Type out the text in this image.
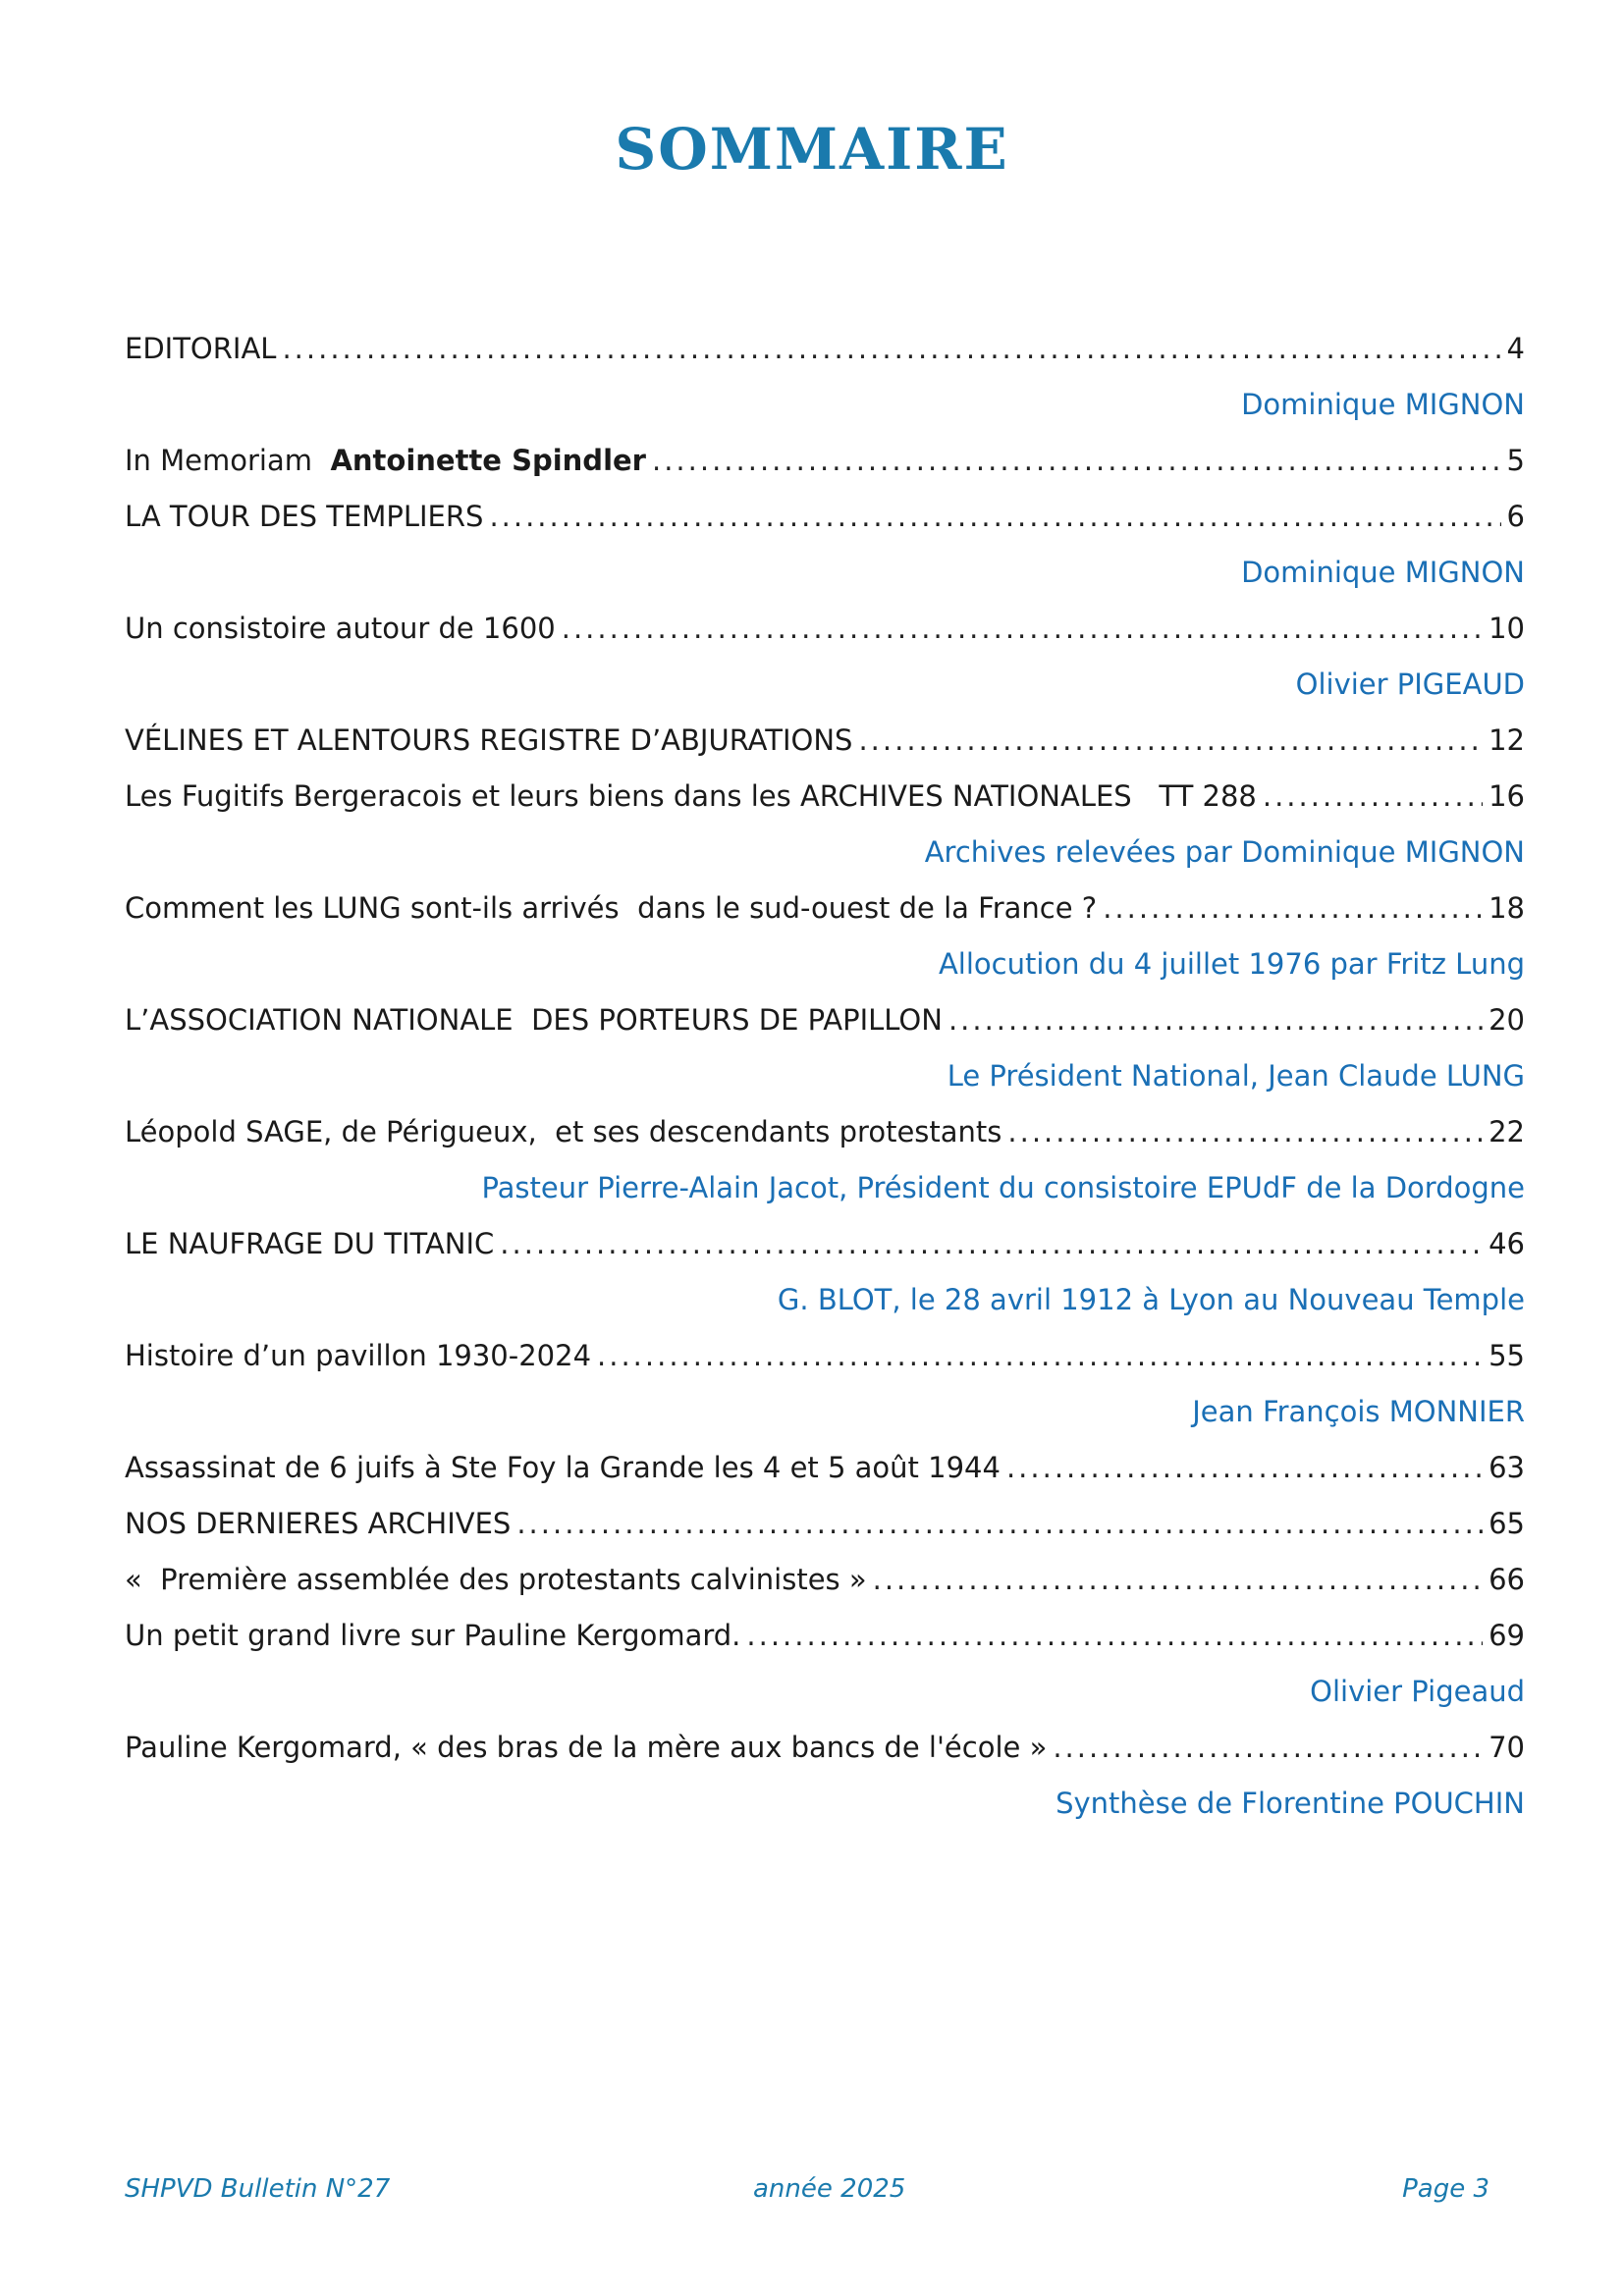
SOMMAIRE
EDITORIAL .....	4
Dominique MIGNON
In Memoriam Antoinette Spindler .....	5
LA TOUR DES TEMPLIERS .....	6
Dominique MIGNON
Un consistoire autour de 1600 .....	10
Olivier PIGEAUD
VÉLINES ET ALENTOURS REGISTRE D’ABJURATIONS .....	12
Les Fugitifs Bergeracois et leurs biens dans les ARCHIVES NATIONALES   TT 288 .....	16
Archives relevées par Dominique MIGNON
Comment les LUNG sont-ils arrivés  dans le sud-ouest de la France ? .....	18
Allocution du 4 juillet 1976 par Fritz Lung
L’ASSOCIATION NATIONALE  DES PORTEURS DE PAPILLON .....	20
Le Président National, Jean Claude LUNG
Léopold SAGE, de Périgueux,  et ses descendants protestants .....	22
Pasteur Pierre-Alain Jacot, Président du consistoire EPUdF de la Dordogne
LE NAUFRAGE DU TITANIC .....	46
G. BLOT, le 28 avril 1912 à Lyon au Nouveau Temple
Histoire d’un pavillon 1930-2024 .....	55
Jean François MONNIER
Assassinat de 6 juifs à Ste Foy la Grande les 4 et 5 août 1944 .....	63
NOS DERNIERES ARCHIVES .....	65
«  Première assemblée des protestants calvinistes » .....	66
Un petit grand livre sur Pauline Kergomard. .....	69
Olivier Pigeaud
Pauline Kergomard, « des bras de la mère aux bancs de l'école » .....	70
Synthèse de Florentine POUCHIN
SHPVD Bulletin N°27	année 2025	Page 3
